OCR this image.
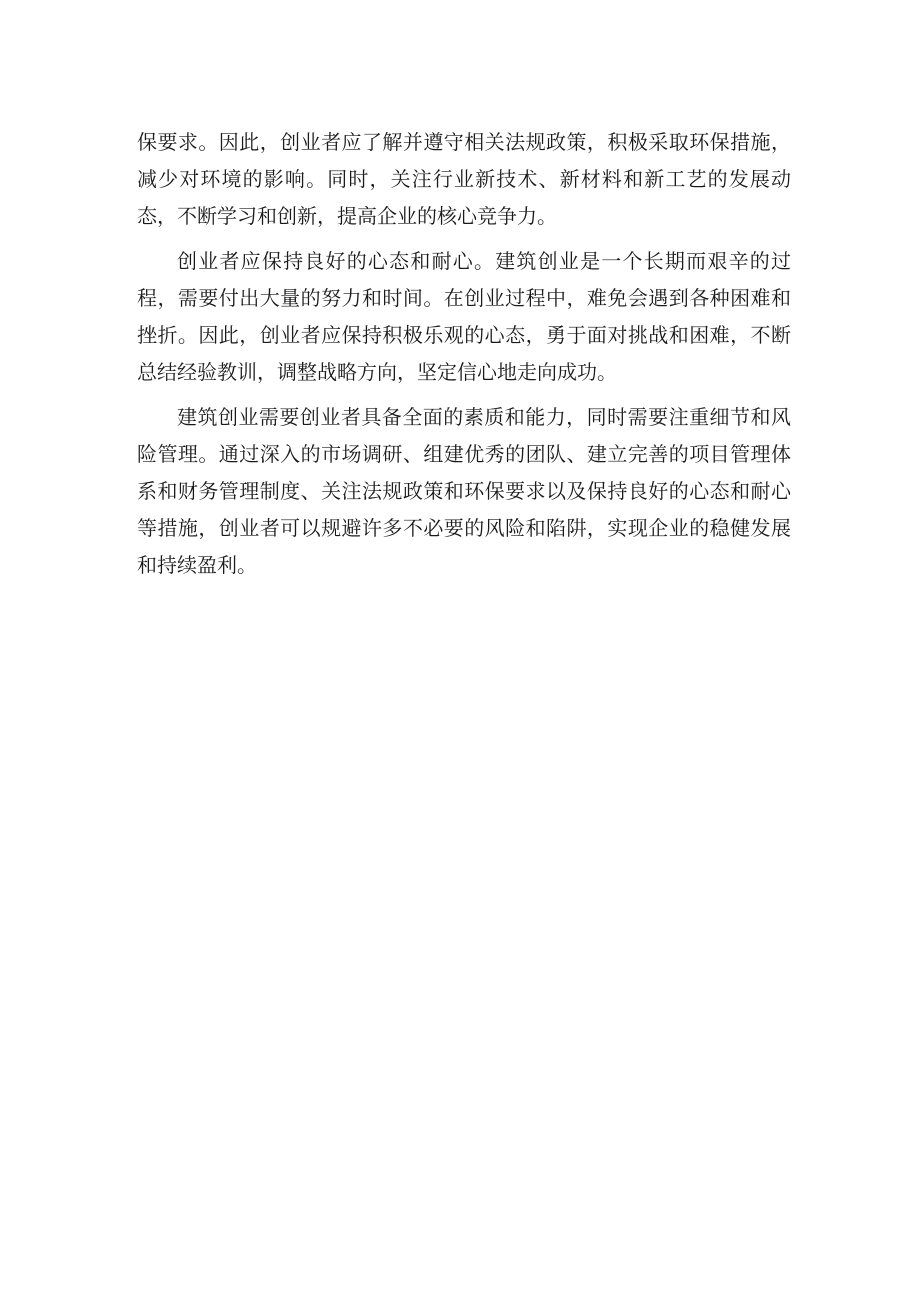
保要求。因此，创业者应了解并遵守相关法规政策，积极采取环保措施，减少对环境的影响。同时，关注行业新技术、新材料和新工艺的发展动态，不断学习和创新，提高企业的核心竞争力。

创业者应保持良好的心态和耐心。建筑创业是一个长期而艰辛的过程，需要付出大量的努力和时间。在创业过程中，难免会遇到各种困难和挫折。因此，创业者应保持积极乐观的心态，勇于面对挑战和困难，不断总结经验教训，调整战略方向，坚定信心地走向成功。

建筑创业需要创业者具备全面的素质和能力，同时需要注重细节和风险管理。通过深入的市场调研、组建优秀的团队、建立完善的项目管理体系和财务管理制度、关注法规政策和环保要求以及保持良好的心态和耐心等措施，创业者可以规避许多不必要的风险和陷阱，实现企业的稳健发展和持续盈利。
